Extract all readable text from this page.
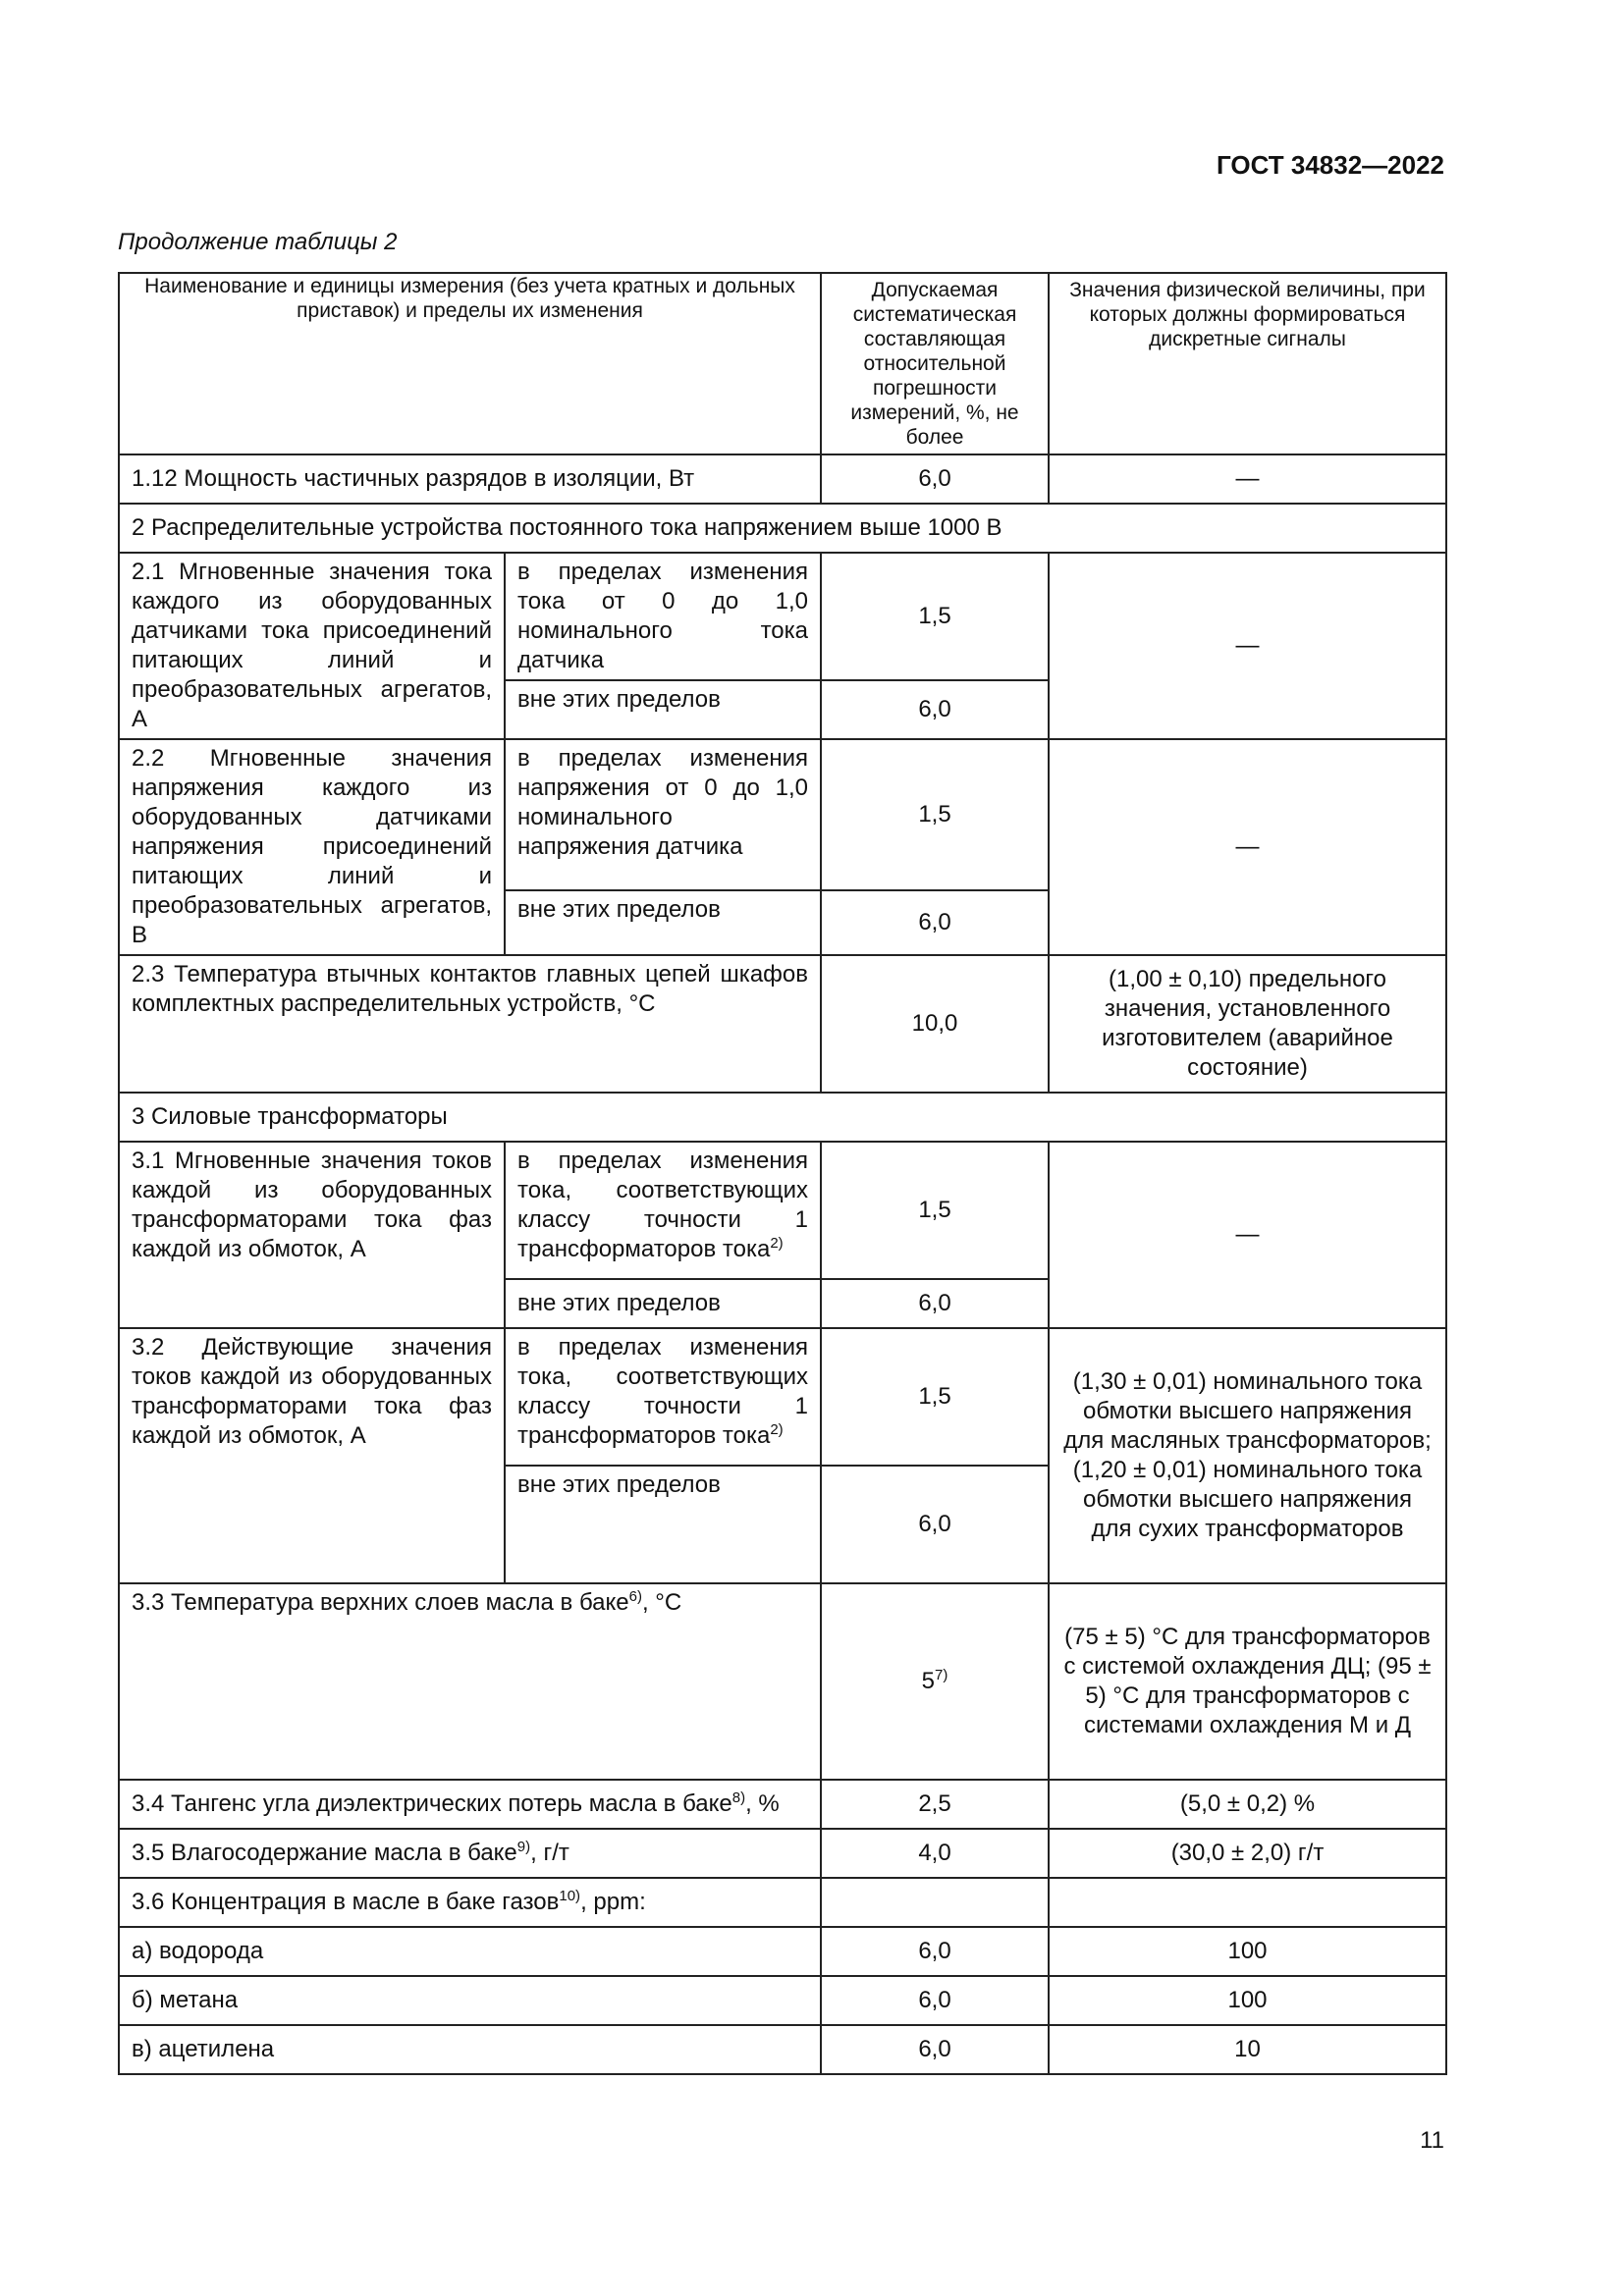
ГОСТ 34832—2022
Продолжение таблицы 2
Наименование и единицы измерения (без учета кратных и дольных приставок) и пределы их изменения		Допускаемая систематическая составляющая относительной погрешности измерений, %, не более	Значения физической величины, при которых должны формироваться дискретные сигналы
1.12 Мощность частичных разрядов в изоляции, Вт		6,0	—
2 Распределительные устройства постоянного тока напряжением выше 1000 В			
2.1 Мгновенные значения тока каждого из оборудованных датчиками тока присоединений питающих линий и преобразовательных агрегатов, А	в пределах изменения тока от 0 до 1,0 номинального тока датчика	1,5	—
	вне этих пределов	6,0	
2.2 Мгновенные значения напряжения каждого из оборудованных датчиками напряжения присоединений питающих линий и преобразовательных агрегатов, В	в пределах изменения напряжения от 0 до 1,0 номинального напряжения датчика	1,5	—
	вне этих пределов	6,0	
2.3 Температура втычных контактов главных цепей шкафов комплектных распределительных устройств, °С		10,0	(1,00 ± 0,10) предельного значения, установленного изготовителем (аварийное состояние)
3 Силовые трансформаторы			
3.1 Мгновенные значения токов каждой из оборудованных трансформаторами тока фаз каждой из обмоток, А	в пределах изменения тока, соответствующих классу точности 1 трансформаторов тока$^{2)}$	1,5	—
	вне этих пределов	6,0	
3.2 Действующие значения токов каждой из оборудованных трансформаторами тока фаз каждой из обмоток, А	в пределах изменения тока, соответствующих классу точности 1 трансформаторов тока$^{2)}$	1,5	(1,30 ± 0,01) номинального тока обмотки высшего напряжения для масляных трансформаторов; (1,20 ± 0,01) номинального тока обмотки высшего напряжения для сухих трансформаторов
	вне этих пределов	6,0	
3.3 Температура верхних слоев масла в баке$^{6)}$, °С		5$^{7)}$	(75 ± 5) °С для трансформаторов с системой охлаждения ДЦ; (95 ± 5) °С для трансформаторов с системами охлаждения М и Д
3.4 Тангенс угла диэлектрических потерь масла в баке$^{8)}$, %		2,5	(5,0 ± 0,2) %
3.5 Влагосодержание масла в баке$^{9)}$, г/т		4,0	(30,0 ± 2,0) г/т
3.6 Концентрация в масле в баке газов$^{10)}$, ppm:			
а) водорода		6,0	100
б) метана		6,0	100
в) ацетилена		6,0	10
11
